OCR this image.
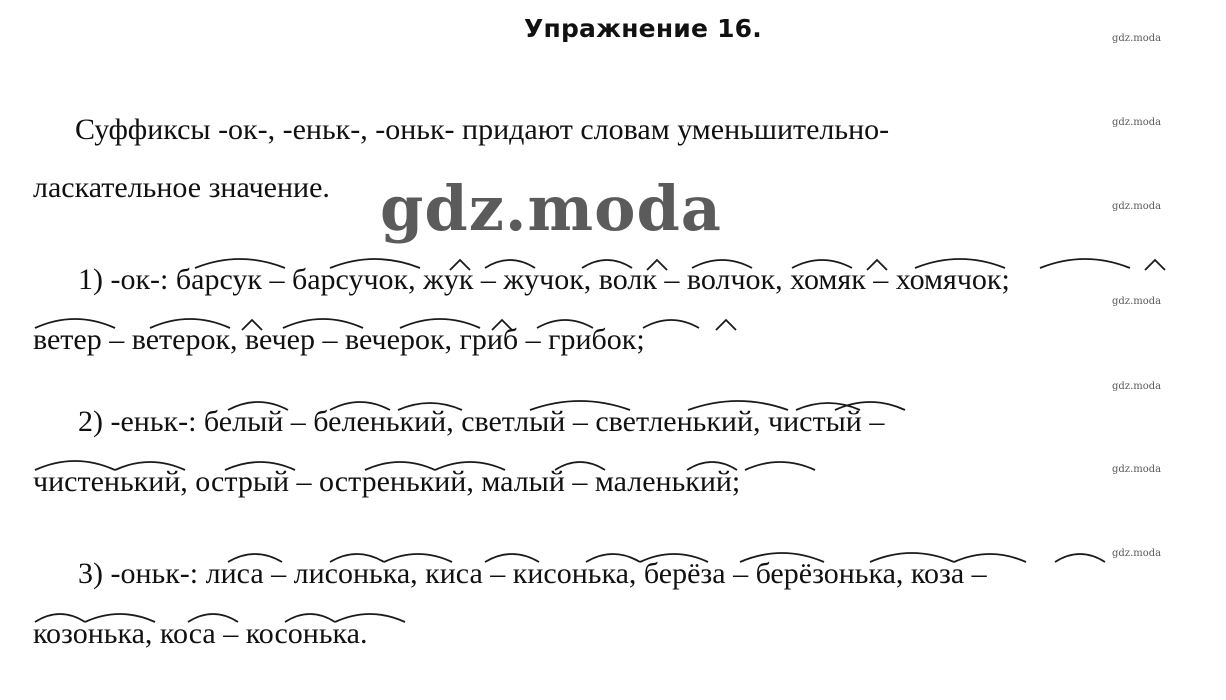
Упражнение 16.
Суффиксы -ок-, -еньк-, -оньк- придают словам уменьшительно-
ласкательное значение.
1) -ок-: барсук – барсучок, жук – жучок, волк – волчок, хомяк – хомячок;
ветер – ветерок, вечер – вечерок, гриб – грибок;
2) -еньк-: белый – беленький, светлый – светленький, чистый –
чистенький, острый – остренький, малый – маленький;
3) -оньк-: лиса – лисонька, киса – кисонька, берёза – берёзонька, коза –
козонька, коса – косонька.
gdz.moda
gdz.moda
gdz.moda
gdz.moda
gdz.moda
gdz.moda
gdz.moda
gdz.moda
